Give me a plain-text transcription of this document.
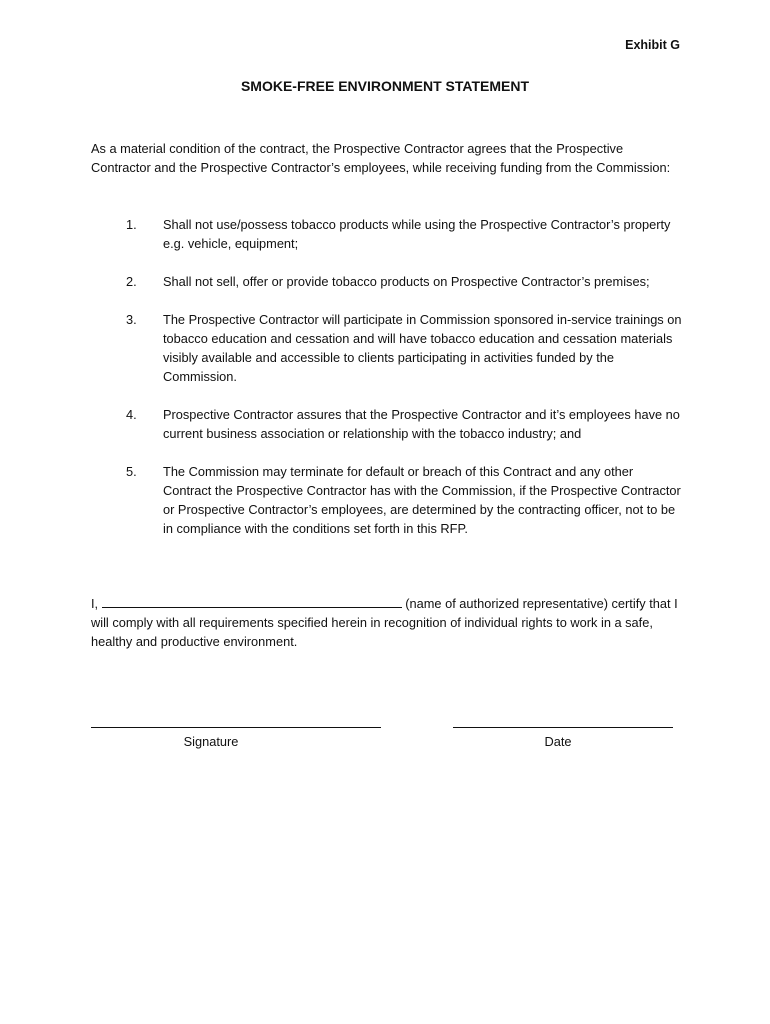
Exhibit G
SMOKE-FREE ENVIRONMENT STATEMENT
As a material condition of the contract, the Prospective Contractor agrees that the Prospective Contractor and the Prospective Contractor’s employees, while receiving funding from the Commission:
1.	Shall not use/possess tobacco products while using the Prospective Contractor’s property e.g. vehicle, equipment;
2.	Shall not sell, offer or provide tobacco products on Prospective Contractor’s premises;
3.	The Prospective Contractor will participate in Commission sponsored in-service trainings on tobacco education and cessation and will have tobacco education and cessation materials visibly available and accessible to clients participating in activities funded by the Commission.
4.	Prospective Contractor assures that the Prospective Contractor and it’s employees have no current business association or relationship with the tobacco industry; and
5.	The Commission may terminate for default or breach of this Contract and any other Contract the Prospective Contractor has with the Commission, if the Prospective Contractor or Prospective Contractor’s employees, are determined by the contracting officer, not to be in compliance with the conditions set forth in this RFP.
I,	(name of authorized representative) certify that I will comply with all requirements specified herein in recognition of individual rights to work in a safe, healthy and productive environment.
Signature	Date
